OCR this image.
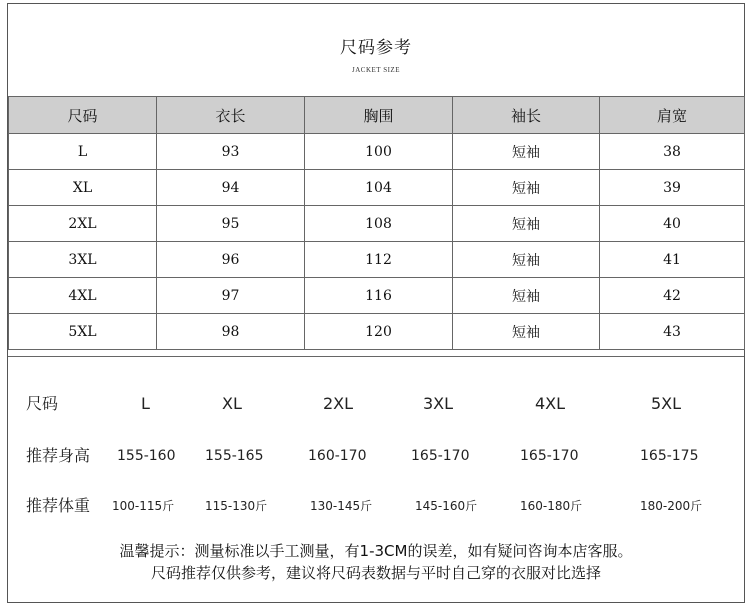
尺码参考
JACKET SIZE
尺码	衣长	胸围	袖长	肩宽
L	93	100	短袖	38
XL	94	104	短袖	39
2XL	95	108	短袖	40
3XL	96	112	短袖	41
4XL	97	116	短袖	42
5XL	98	120	短袖	43
尺码	L	XL	2XL	3XL	4XL	5XL
推荐身高 155-160 155-165	160-170	165-170	165-170	165-175
推荐体重 100-115斤	115-130斤	130-145斤	145-160斤	160-180斤	180-200斤
温馨提示：测量标准以手工测量，有1-3CM的误差，如有疑问咨询本店客服。
尺码推荐仅供参考，建议将尺码表数据与平时自己穿的衣服对比选择
